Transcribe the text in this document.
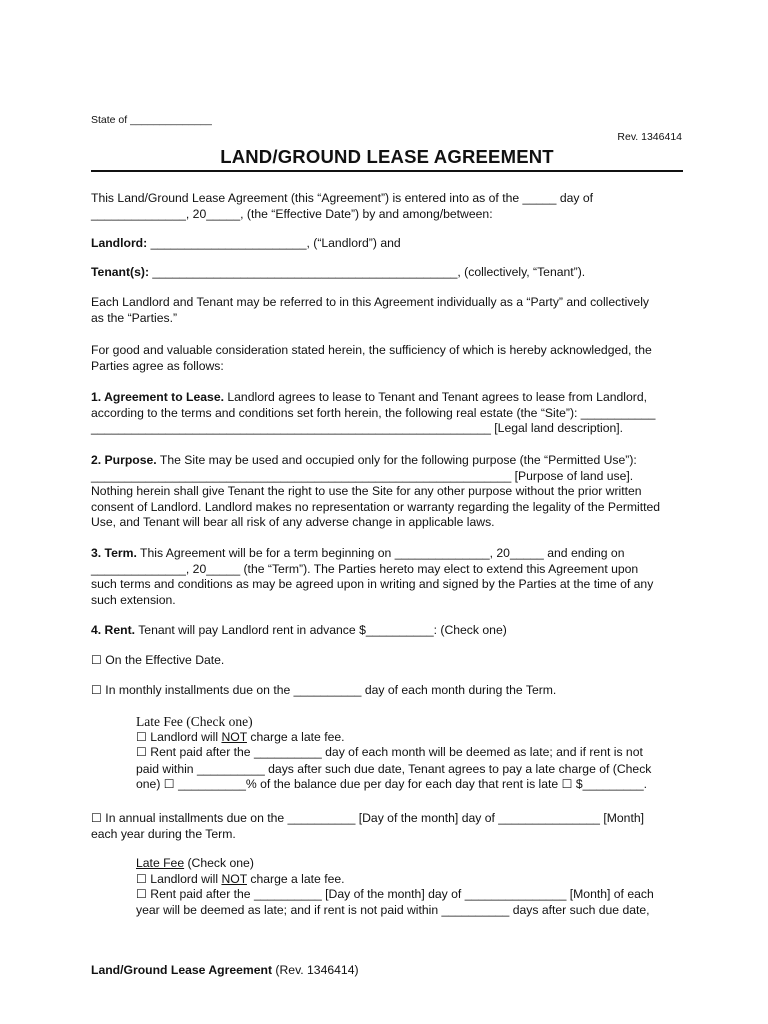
State of ______________
Rev. 1346414
LAND/GROUND LEASE AGREEMENT
This Land/Ground Lease Agreement (this “Agreement”) is entered into as of the _____ day of
______________, 20_____, (the “Effective Date”) by and among/between:
Landlord: _______________________, (“Landlord”) and
Tenant(s): _____________________________________________, (collectively, “Tenant”).
Each Landlord and Tenant may be referred to in this Agreement individually as a “Party” and collectively
as the “Parties.”
For good and valuable consideration stated herein, the sufficiency of which is hereby acknowledged, the
Parties agree as follows:
1. Agreement to Lease. Landlord agrees to lease to Tenant and Tenant agrees to lease from Landlord,
according to the terms and conditions set forth herein, the following real estate (the “Site”): ___________
___________________________________________________________ [Legal land description].
2. Purpose. The Site may be used and occupied only for the following purpose (the “Permitted Use”):
______________________________________________________________ [Purpose of land use].
Nothing herein shall give Tenant the right to use the Site for any other purpose without the prior written
consent of Landlord. Landlord makes no representation or warranty regarding the legality of the Permitted
Use, and Tenant will bear all risk of any adverse change in applicable laws.
3. Term. This Agreement will be for a term beginning on ______________, 20_____ and ending on
______________, 20_____ (the “Term”). The Parties hereto may elect to extend this Agreement upon
such terms and conditions as may be agreed upon in writing and signed by the Parties at the time of any
such extension.
4. Rent. Tenant will pay Landlord rent in advance $__________: (Check one)
☐ On the Effective Date.
☐ In monthly installments due on the __________ day of each month during the Term.
Late Fee (Check one)
☐ Landlord will NOT charge a late fee.
☐ Rent paid after the __________ day of each month will be deemed as late; and if rent is not
paid within __________ days after such due date, Tenant agrees to pay a late charge of (Check
one) ☐ __________% of the balance due per day for each day that rent is late ☐ $_________.
☐ In annual installments due on the __________ [Day of the month] day of _______________ [Month]
each year during the Term.
Late Fee (Check one)
☐ Landlord will NOT charge a late fee.
☐ Rent paid after the __________ [Day of the month] day of _______________ [Month] of each
year will be deemed as late; and if rent is not paid within __________ days after such due date,
Land/Ground Lease Agreement (Rev. 1346414)
